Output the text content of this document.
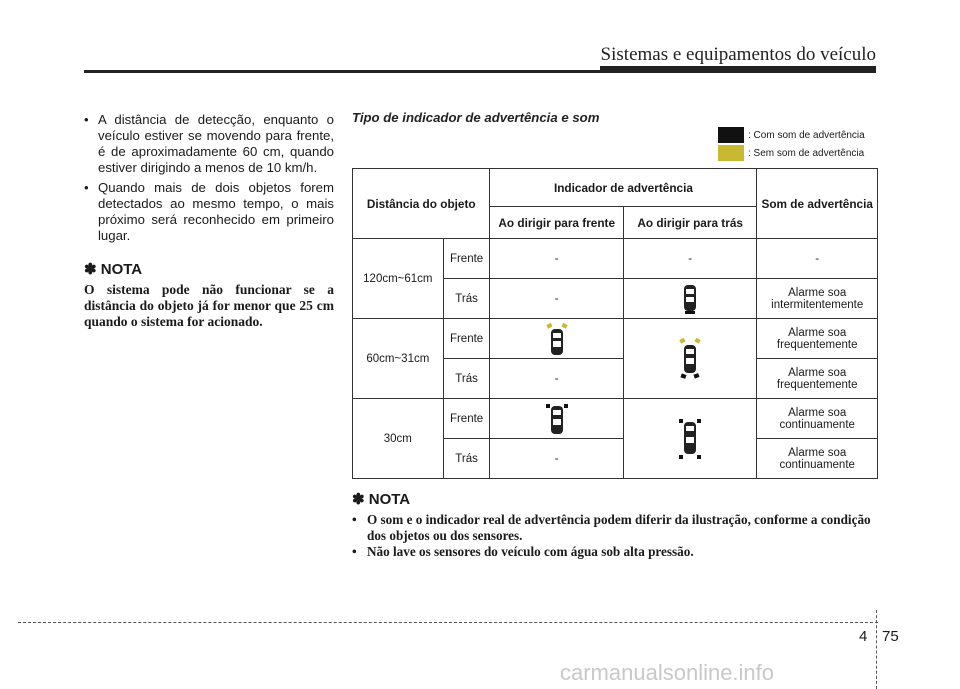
Sistemas e equipamentos do veículo
• A distância de detecção, enquanto o veículo estiver se movendo para frente, é de aproximadamente 60 cm, quando estiver dirigindo a menos de 10 km/h.
• Quando mais de dois objetos forem detectados ao mesmo tempo, o mais próximo será reconhecido em primeiro lugar.
✽ NOTA
O sistema pode não funcionar se a distância do objeto já for menor que 25 cm quando o sistema for acionado.
Tipo de indicador de advertência e som
: Com som de advertência
: Sem som de advertência
Distância do objeto		Indicador de advertência		Som de advertência
		Ao dirigir para frente	Ao dirigir para trás	
120cm~61cm	Frente	-	-	-
	Trás	-		Alarme soa intermitentemente
60cm~31cm	Frente			Alarme soa frequentemente
	Trás	-		Alarme soa frequentemente
30cm	Frente			Alarme soa continuamente
	Trás	-		Alarme soa continuamente
✽ NOTA
• O som e o indicador real de advertência podem diferir da ilustração, conforme a condição dos objetos ou dos sensores.
• Não lave os sensores do veículo com água sob alta pressão.
4 75
carmanualsonline.info
